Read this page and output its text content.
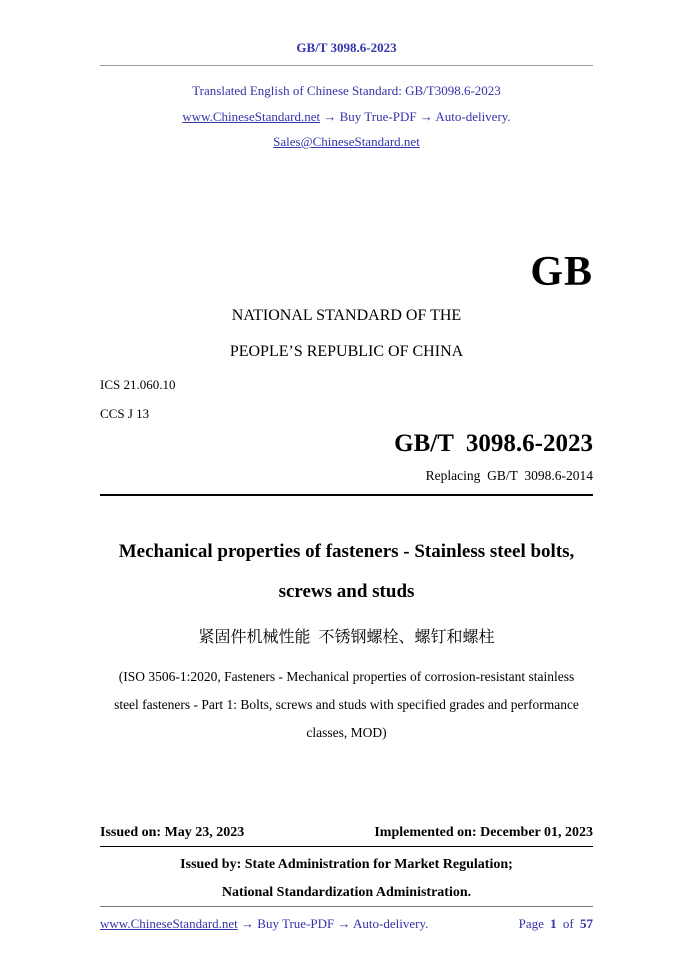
GB/T 3098.6-2023
Translated English of Chinese Standard: GB/T3098.6-2023
www.ChineseStandard.net → Buy True-PDF → Auto-delivery.
Sales@ChineseStandard.net
GB
NATIONAL STANDARD OF THE
PEOPLE’S REPUBLIC OF CHINA
ICS 21.060.10
CCS J 13
GB/T  3098.6-2023
Replacing  GB/T  3098.6-2014
Mechanical properties of fasteners - Stainless steel bolts,
screws and studs
紧固件机械性能  不锈钢螺栓、螺钉和螺柱
(ISO 3506-1:2020, Fasteners - Mechanical properties of corrosion-resistant stainless
steel fasteners - Part 1: Bolts, screws and studs with specified grades and performance
classes, MOD)
Issued on: May 23, 2023	Implemented on: December 01, 2023
Issued by: State Administration for Market Regulation;
National Standardization Administration.
www.ChineseStandard.net → Buy True-PDF → Auto-delivery.	Page 1 of 57
